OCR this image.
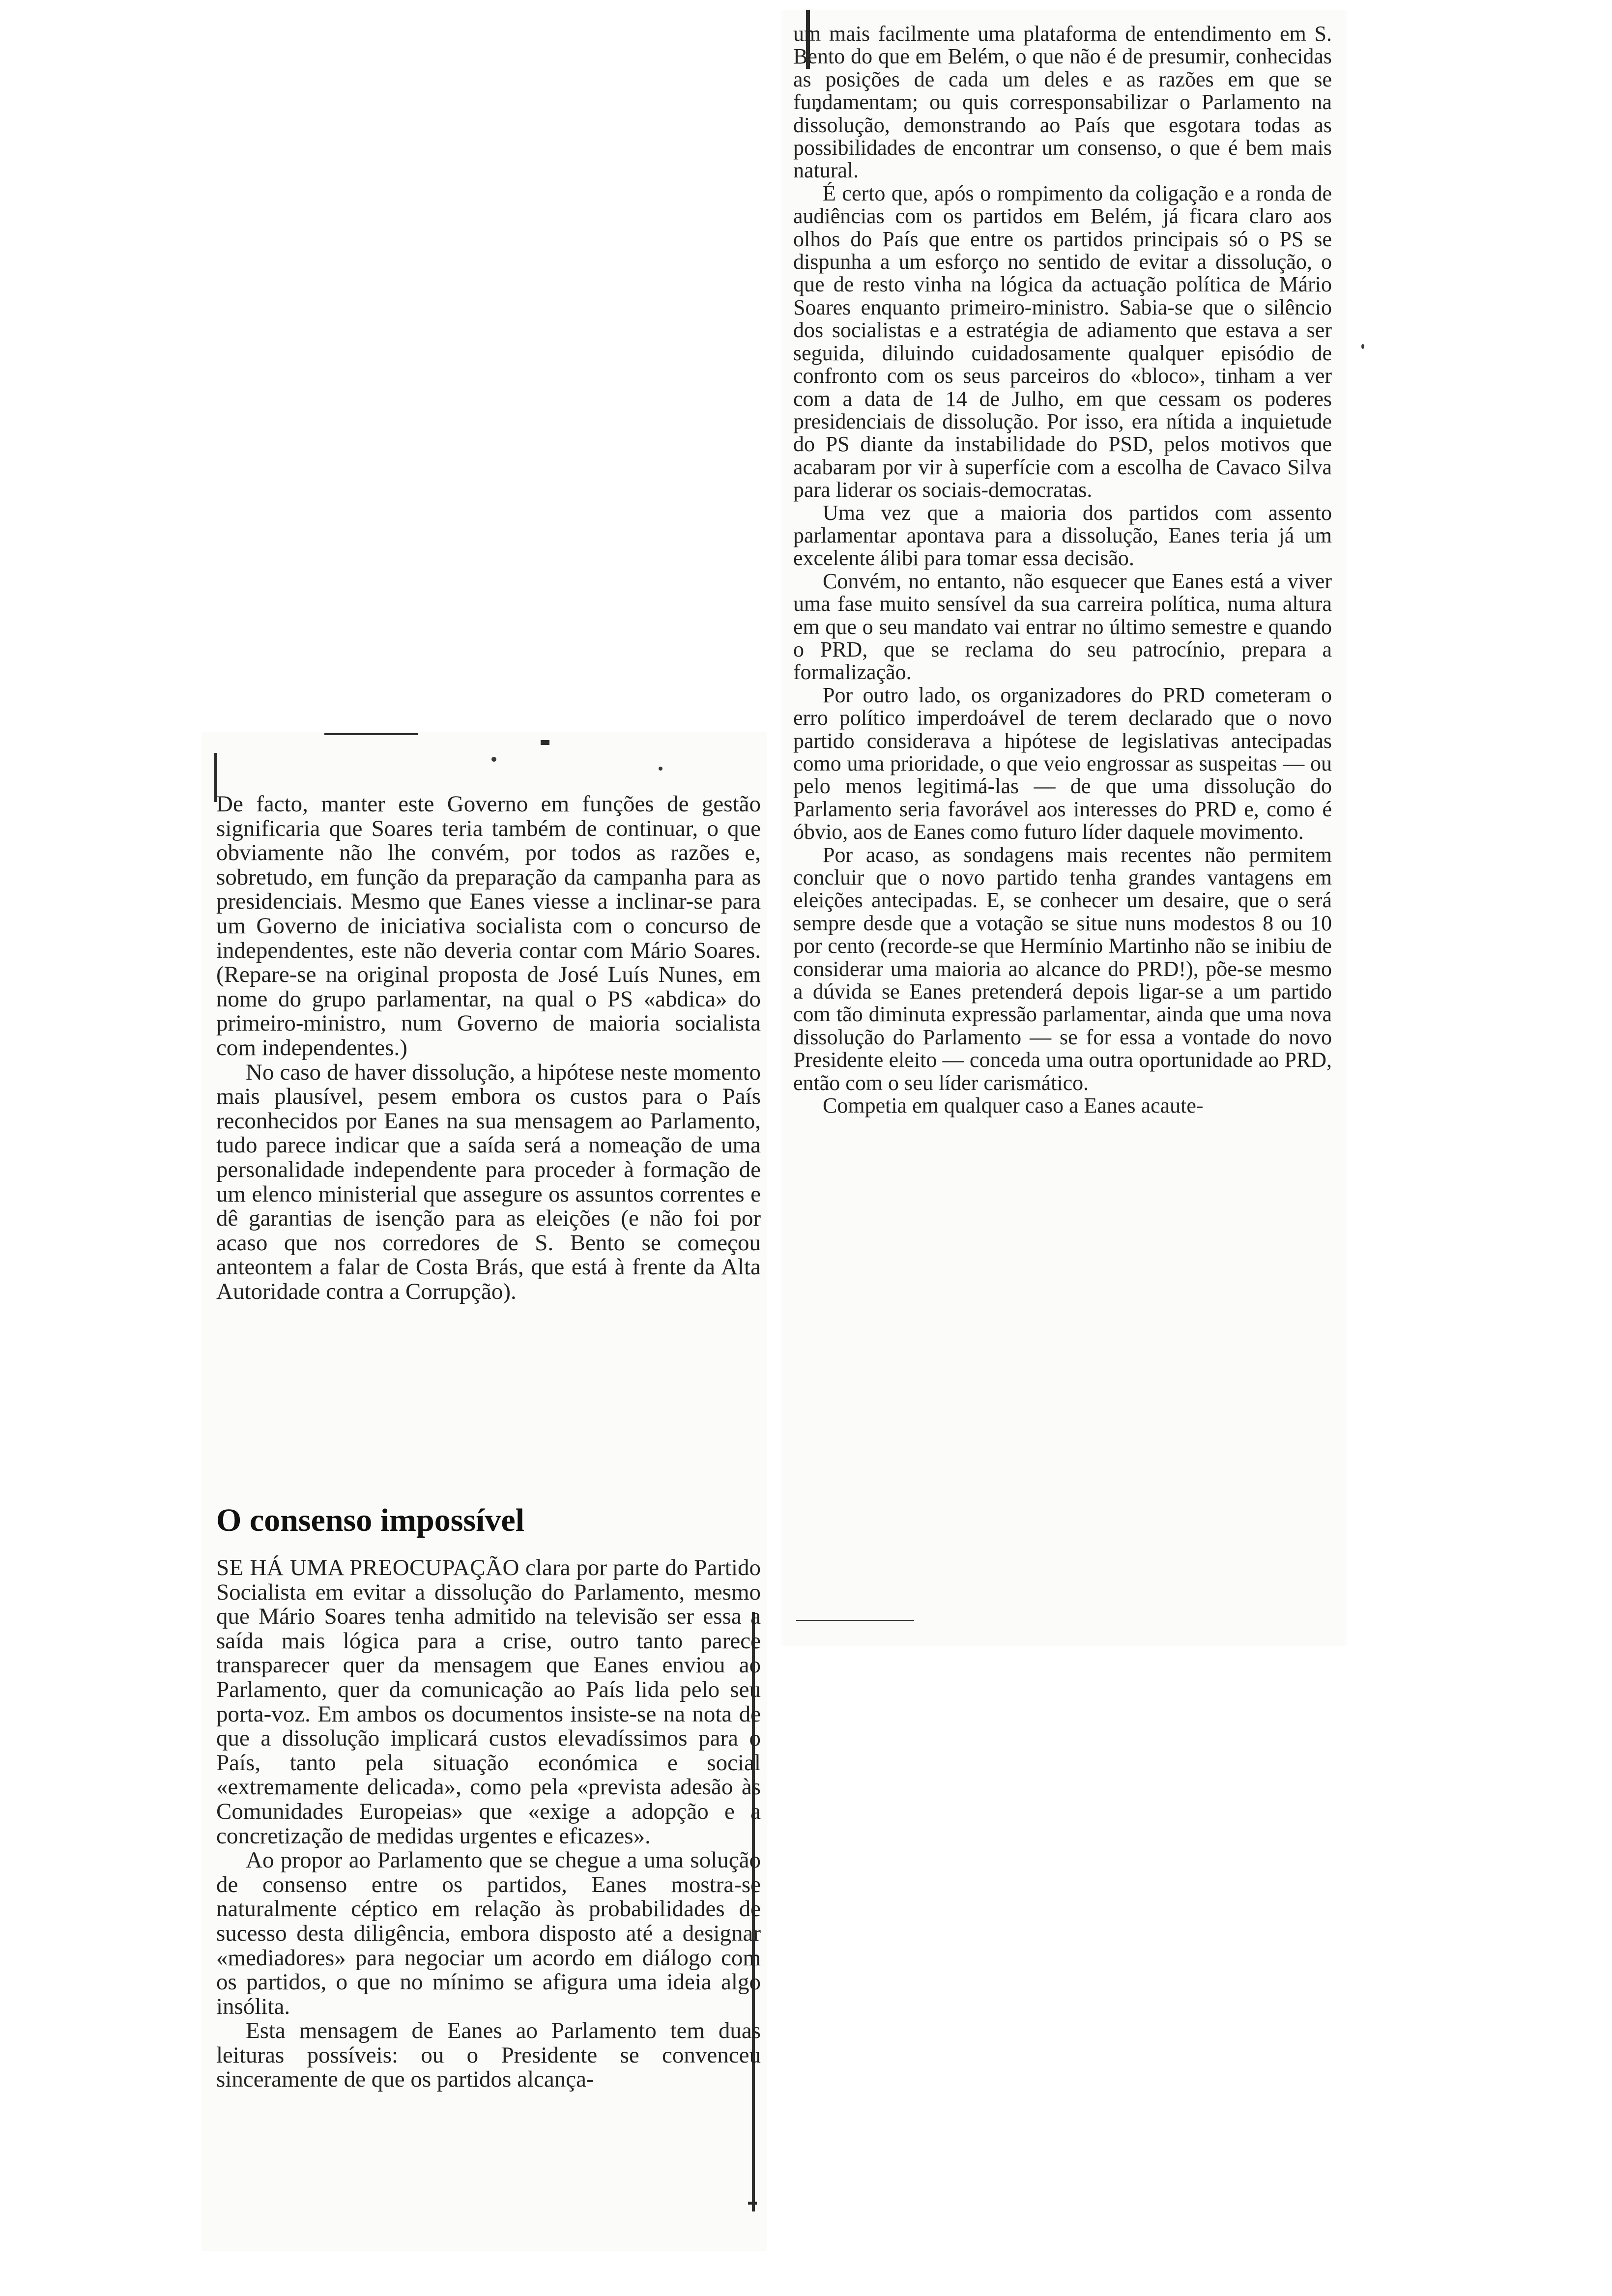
De facto, manter este Governo em funções de gestão significaria que Soares teria também de continuar, o que obviamente não lhe convém, por todos as razões e, sobretudo, em função da preparação da campanha para as presidenciais. Mesmo que Eanes viesse a inclinar-se para um Governo de iniciativa socialista com o concurso de independentes, este não deveria contar com Mário Soares. (Repare-se na original proposta de José Luís Nunes, em nome do grupo parlamentar, na qual o PS «abdica» do primeiro-ministro, num Governo de maioria socialista com independentes.)

No caso de haver dissolução, a hipótese neste momento mais plausível, pesem embora os custos para o País reconhecidos por Eanes na sua mensagem ao Parlamento, tudo parece indicar que a saída será a nomeação de uma personalidade independente para proceder à formação de um elenco ministerial que assegure os assuntos correntes e dê garantias de isenção para as eleições (e não foi por acaso que nos corredores de S. Bento se começou anteontem a falar de Costa Brás, que está à frente da Alta Autoridade contra a Corrupção).

O consenso impossível

SE HÁ UMA PREOCUPAÇÃO clara por parte do Partido Socialista em evitar a dissolução do Parlamento, mesmo que Mário Soares tenha admitido na televisão ser essa a saída mais lógica para a crise, outro tanto parece transparecer quer da mensagem que Eanes enviou ao Parlamento, quer da comunicação ao País lida pelo seu porta-voz. Em ambos os documentos insiste-se na nota de que a dissolução implicará custos elevadíssimos para o País, tanto pela situação económica e social «extremamente delicada», como pela «prevista adesão às Comunidades Europeias» que «exige a adopção e a concretização de medidas urgentes e eficazes».

Ao propor ao Parlamento que se chegue a uma solução de consenso entre os partidos, Eanes mostra-se naturalmente céptico em relação às probabilidades de sucesso desta diligência, embora disposto até a designar «mediadores» para negociar um acordo em diálogo com os partidos, o que no mínimo se afigura uma ideia algo insólita.

Esta mensagem de Eanes ao Parlamento tem duas leituras possíveis: ou o Presidente se convenceu sinceramente de que os partidos alcança-

um mais facilmente uma plataforma de entendimento em S. Bento do que em Belém, o que não é de presumir, conhecidas as posições de cada um deles e as razões em que se fundamentam; ou quis corresponsabilizar o Parlamento na dissolução, demonstrando ao País que esgotara todas as possibilidades de encontrar um consenso, o que é bem mais natural.

É certo que, após o rompimento da coligação e a ronda de audiências com os partidos em Belém, já ficara claro aos olhos do País que entre os partidos principais só o PS se dispunha a um esforço no sentido de evitar a dissolução, o que de resto vinha na lógica da actuação política de Mário Soares enquanto primeiro-ministro. Sabia-se que o silêncio dos socialistas e a estratégia de adiamento que estava a ser seguida, diluindo cuidadosamente qualquer episódio de confronto com os seus parceiros do «bloco», tinham a ver com a data de 14 de Julho, em que cessam os poderes presidenciais de dissolução. Por isso, era nítida a inquietude do PS diante da instabilidade do PSD, pelos motivos que acabaram por vir à superfície com a escolha de Cavaco Silva para liderar os sociais-democratas.

Uma vez que a maioria dos partidos com assento parlamentar apontava para a dissolução, Eanes teria já um excelente álibi para tomar essa decisão.

Convém, no entanto, não esquecer que Eanes está a viver uma fase muito sensível da sua carreira política, numa altura em que o seu mandato vai entrar no último semestre e quando o PRD, que se reclama do seu patrocínio, prepara a formalização.

Por outro lado, os organizadores do PRD cometeram o erro político imperdoável de terem declarado que o novo partido considerava a hipótese de legislativas antecipadas como uma prioridade, o que veio engrossar as suspeitas — ou pelo menos legitimá-las — de que uma dissolução do Parlamento seria favorável aos interesses do PRD e, como é óbvio, aos de Eanes como futuro líder daquele movimento.

Por acaso, as sondagens mais recentes não permitem concluir que o novo partido tenha grandes vantagens em eleições antecipadas. E, se conhecer um desaire, que o será sempre desde que a votação se situe nuns modestos 8 ou 10 por cento (recorde-se que Hermínio Martinho não se inibiu de considerar uma maioria ao alcance do PRD!), põe-se mesmo a dúvida se Eanes pretenderá depois ligar-se a um partido com tão diminuta expressão parlamentar, ainda que uma nova dissolução do Parlamento — se for essa a vontade do novo Presidente eleito — conceda uma outra oportunidade ao PRD, então com o seu líder carismático.

Competia em qualquer caso a Eanes acaute-
